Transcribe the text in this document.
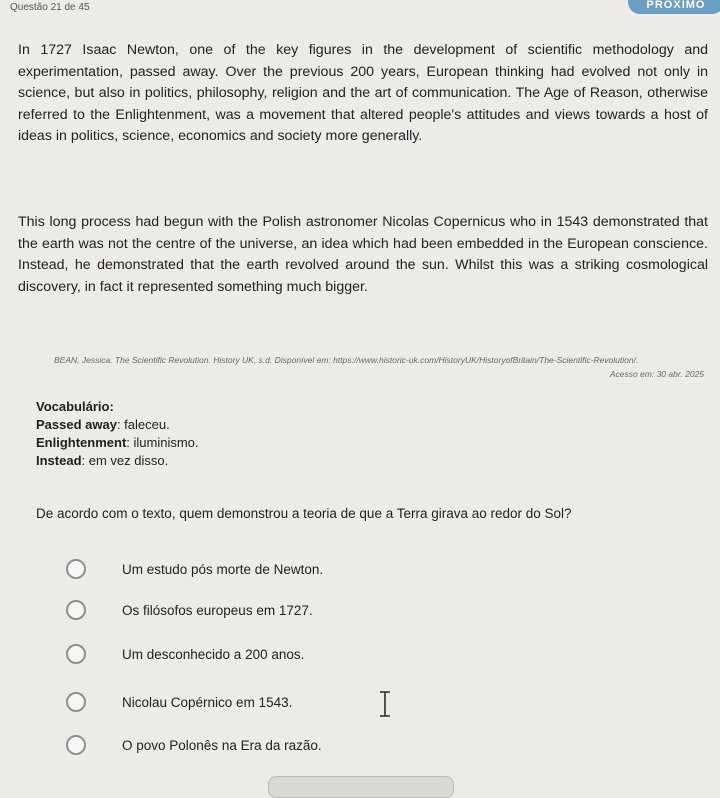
Questão 21 de 45	PRÓXIMO

In 1727 Isaac Newton, one of the key figures in the development of scientific methodology and experimentation, passed away. Over the previous 200 years, European thinking had evolved not only in science, but also in politics, philosophy, religion and the art of communication. The Age of Reason, otherwise referred to the Enlightenment, was a movement that altered people's attitudes and views towards a host of ideas in politics, science, economics and society more generally.

This long process had begun with the Polish astronomer Nicolas Copernicus who in 1543 demonstrated that the earth was not the centre of the universe, an idea which had been embedded in the European conscience. Instead, he demonstrated that the earth revolved around the sun. Whilst this was a striking cosmological discovery, in fact it represented something much bigger.

BEAN, Jessica. The Scientific Revolution. History UK, s.d. Disponível em: https://www.historic-uk.com/HistoryUK/HistoryofBritain/The-Scientific-Revolution/.
Acesso em: 30 abr. 2025
Vocabulário:
Passed away: faleceu.
Enlightenment: iluminismo.
Instead: em vez disso.
De acordo com o texto, quem demonstrou a teoria de que a Terra girava ao redor do Sol?
Um estudo pós morte de Newton.
Os filósofos europeus em 1727.
Um desconhecido a 200 anos.
Nicolau Copérnico em 1543.
O povo Polonês na Era da razão.
